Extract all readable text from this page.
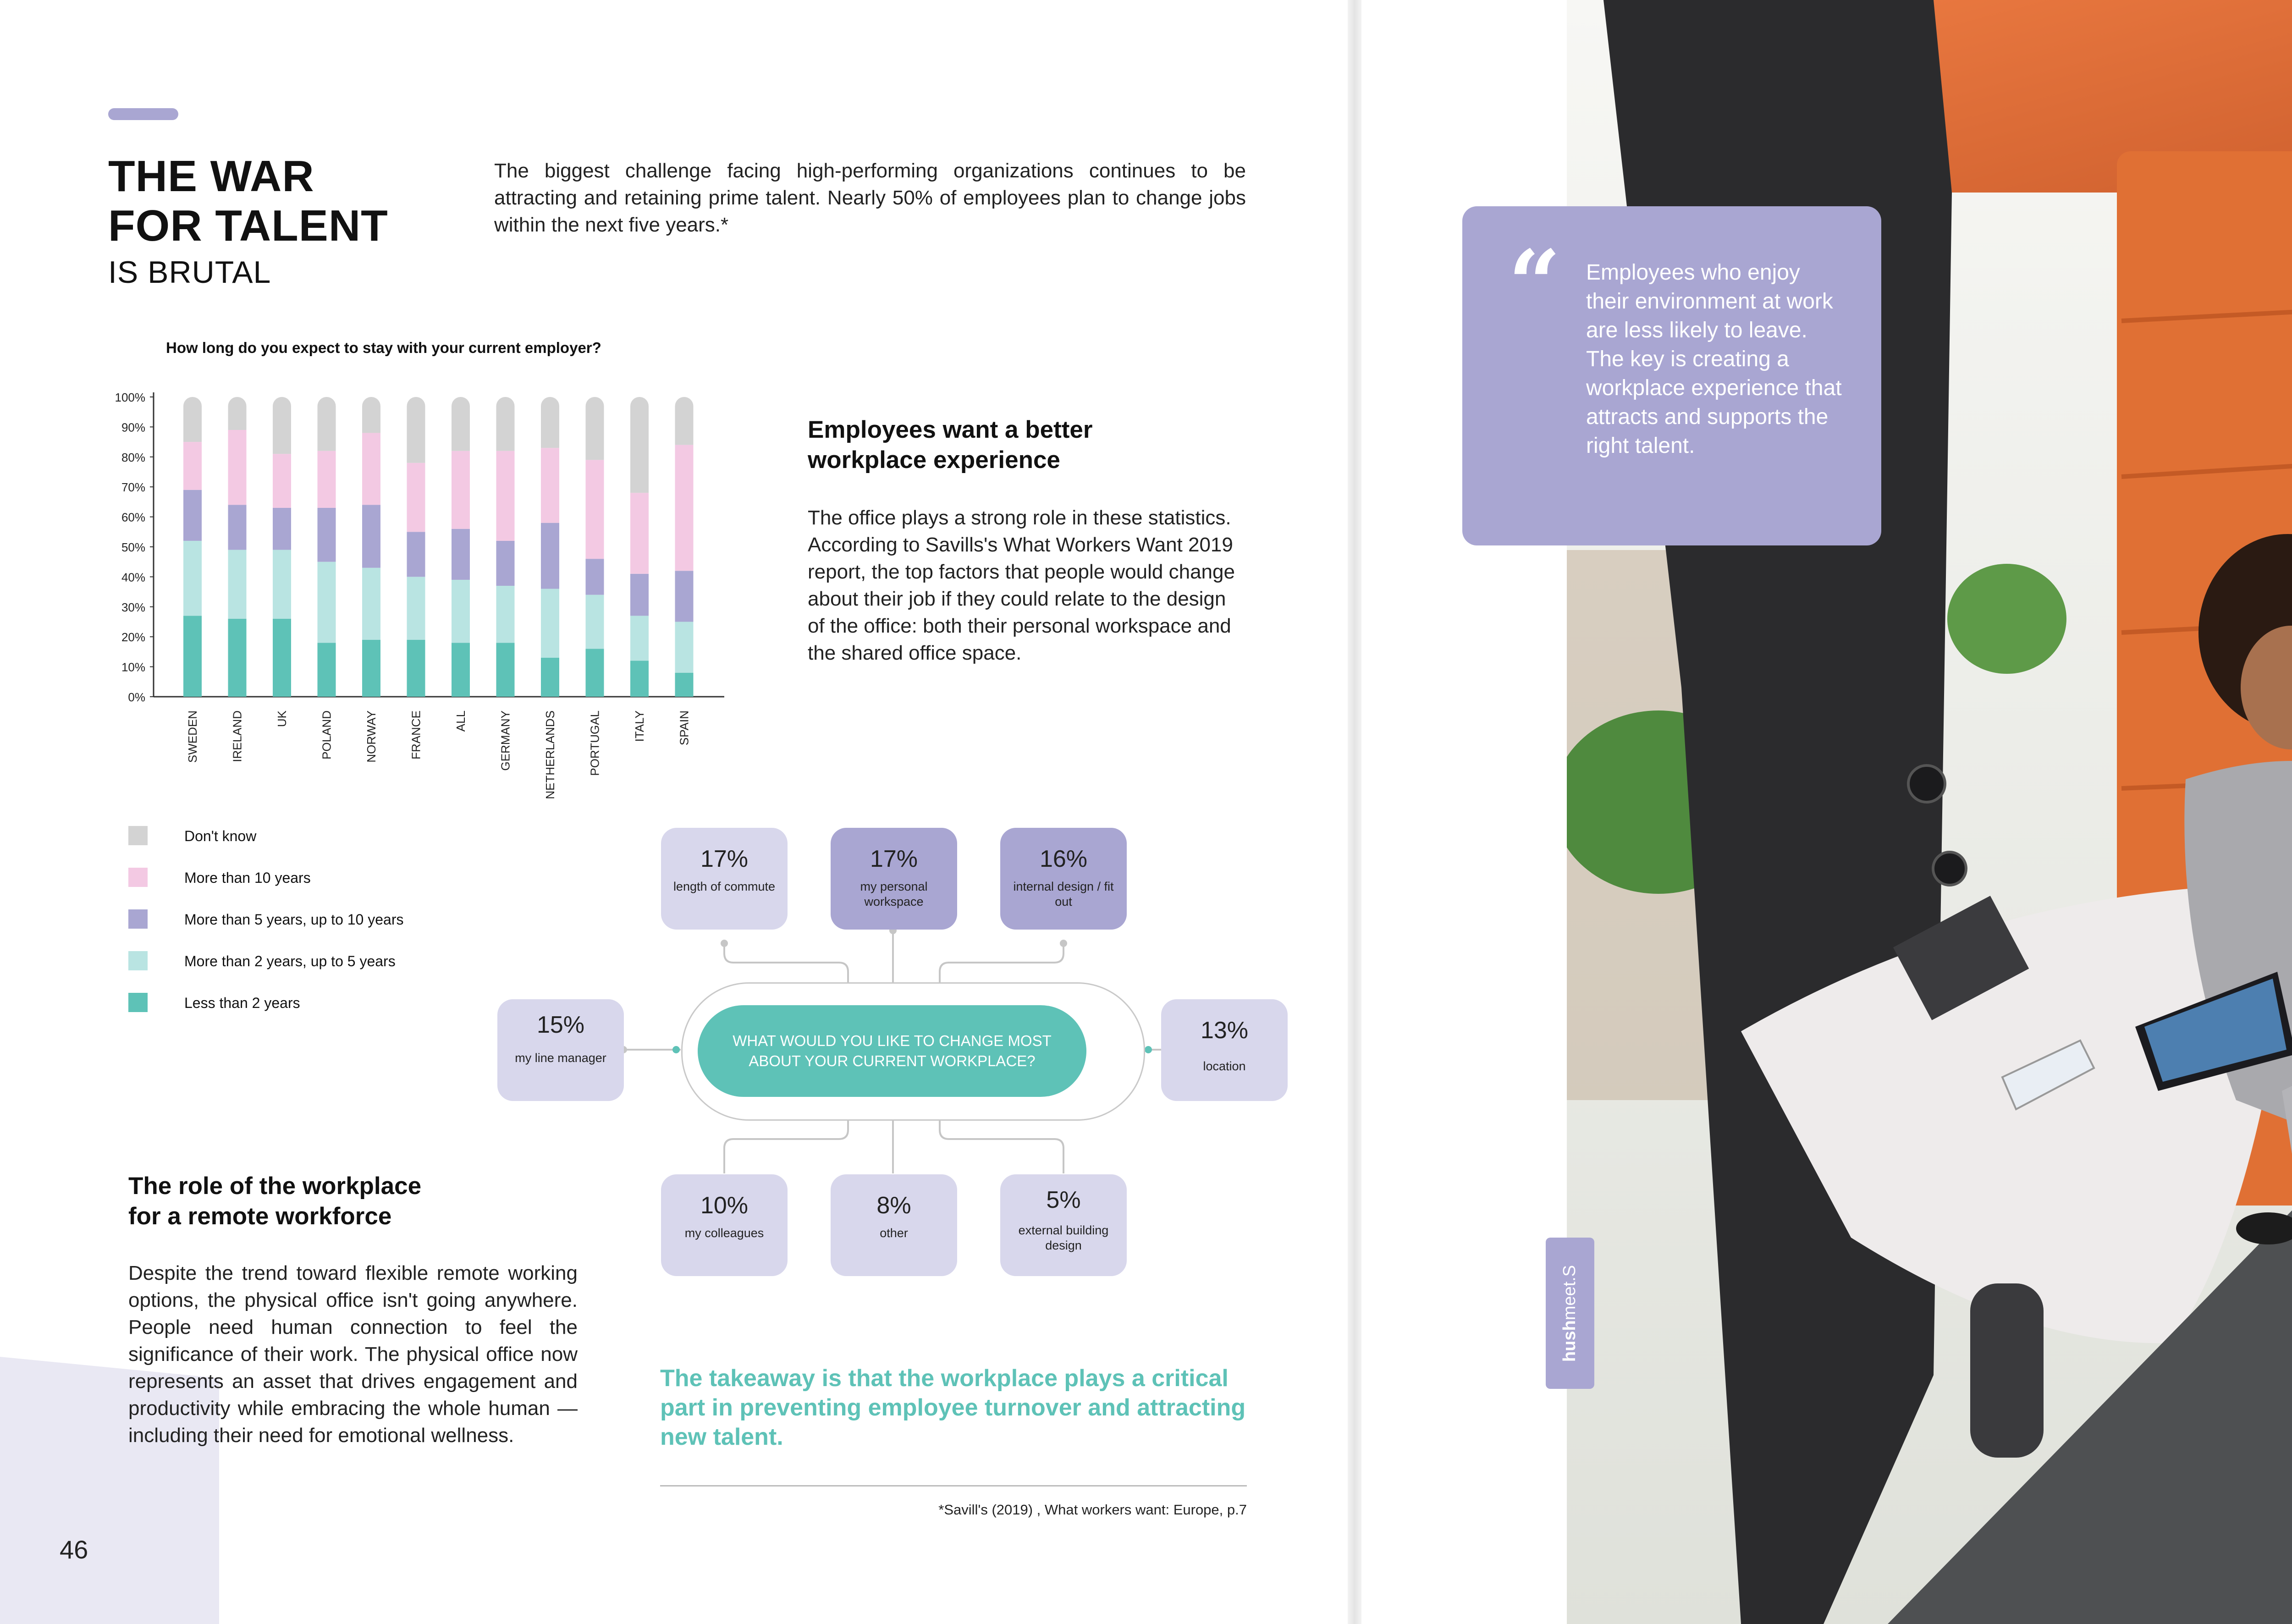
THE WAR
FOR TALENT
IS BRUTAL
The biggest challenge facing high-performing organizations continues to be attracting and retaining prime talent. Nearly 50% of employees plan to change jobs within the next five years.*
How long do you expect to stay with your current employer?
0%
10%
20%
30%
40%
50%
60%
70%
80%
90%
100%
SWEDEN	IRELAND	UK	POLAND	NORWAY	FRANCE	ALL	GERMANY	NETHERLANDS	PORTUGAL	ITALY	SPAIN
Don't know
More than 10 years
More than 5 years, up to 10 years
More than 2 years, up to 5 years
Less than 2 years
Employees want a better
workplace experience
The office plays a strong role in these statistics. According to Savills's What Workers Want 2019 report, the top factors that people would change about their job if they could relate to the design of the office: both their personal workspace and the shared office space.
17%
length of commute
17%
my personal workspace
16%
internal design / fit out
15%
my line manager
13%
location
10%
my colleagues
8%
other
5%
external building design
WHAT WOULD YOU LIKE TO CHANGE MOST ABOUT YOUR CURRENT WORKPLACE?
The role of the workplace
for a remote workforce
Despite the trend toward flexible remote working options, the physical office isn't going anywhere. People need human connection to feel the significance of their work. The physical office now represents an asset that drives engagement and productivity while embracing the whole human — including their need for emotional wellness.
The takeaway is that the workplace plays a critical part in preventing employee turnover and attracting new talent.
*Savill's (2019) , What workers want: Europe, p.7
46
“ Employees who enjoy their environment at work are less likely to leave. The key is creating a workplace experience that attracts and supports the right talent.
hushmeet.S
